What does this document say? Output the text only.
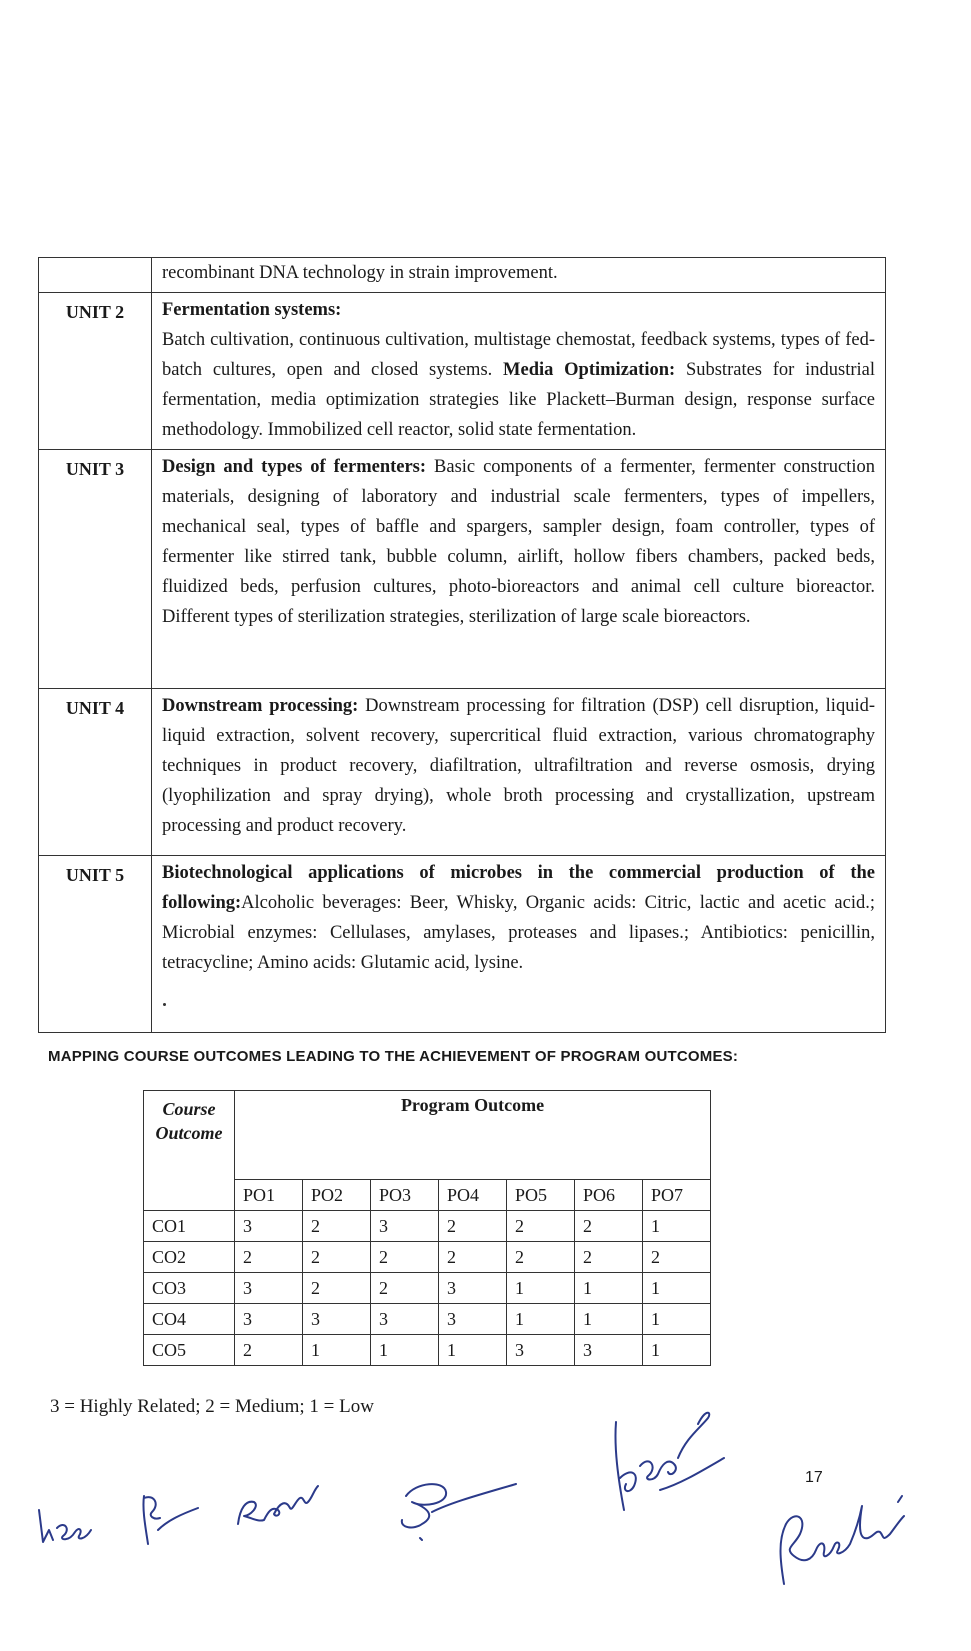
	recombinant DNA technology in strain improvement.
UNIT 2	Fermentation systems:
Batch cultivation, continuous cultivation, multistage chemostat, feedback systems, types of fed-batch cultures, open and closed systems. Media Optimization: Substrates for industrial fermentation, media optimization strategies like Plackett–Burman design, response surface methodology. Immobilized cell reactor, solid state fermentation.
UNIT 3	Design and types of fermenters: Basic components of a fermenter, fermenter construction materials, designing of laboratory and industrial scale fermenters, types of impellers, mechanical seal, types of baffle and spargers, sampler design, foam controller, types of fermenter like stirred tank, bubble column, airlift, hollow fibers chambers, packed beds, fluidized beds, perfusion cultures, photo-bioreactors and animal cell culture bioreactor. Different types of sterilization strategies, sterilization of large scale bioreactors.
UNIT 4	Downstream processing: Downstream processing for filtration (DSP) cell disruption, liquid-liquid extraction, solvent recovery, supercritical fluid extraction, various chromatography techniques in product recovery, diafiltration, ultrafiltration and reverse osmosis, drying (lyophilization and spray drying), whole broth processing and crystallization, upstream processing and product recovery.
UNIT 5	Biotechnological applications of microbes in the commercial production of the following:Alcoholic beverages: Beer, Whisky, Organic acids: Citric, lactic and acetic acid.; Microbial enzymes: Cellulases, amylases, proteases and lipases.; Antibiotics: penicillin, tetracycline; Amino acids: Glutamic acid, lysine.
MAPPING COURSE OUTCOMES LEADING TO THE ACHIEVEMENT OF PROGRAM OUTCOMES:
Course
Outcome	Program Outcome						
	PO1	PO2	PO3	PO4	PO5	PO6	PO7
CO1	3	2	3	2	2	2	1
CO2	2	2	2	2	2	2	2
CO3	3	2	2	3	1	1	1
CO4	3	3	3	3	1	1	1
CO5	2	1	1	1	3	3	1
3 = Highly Related; 2 = Medium; 1 = Low
17
